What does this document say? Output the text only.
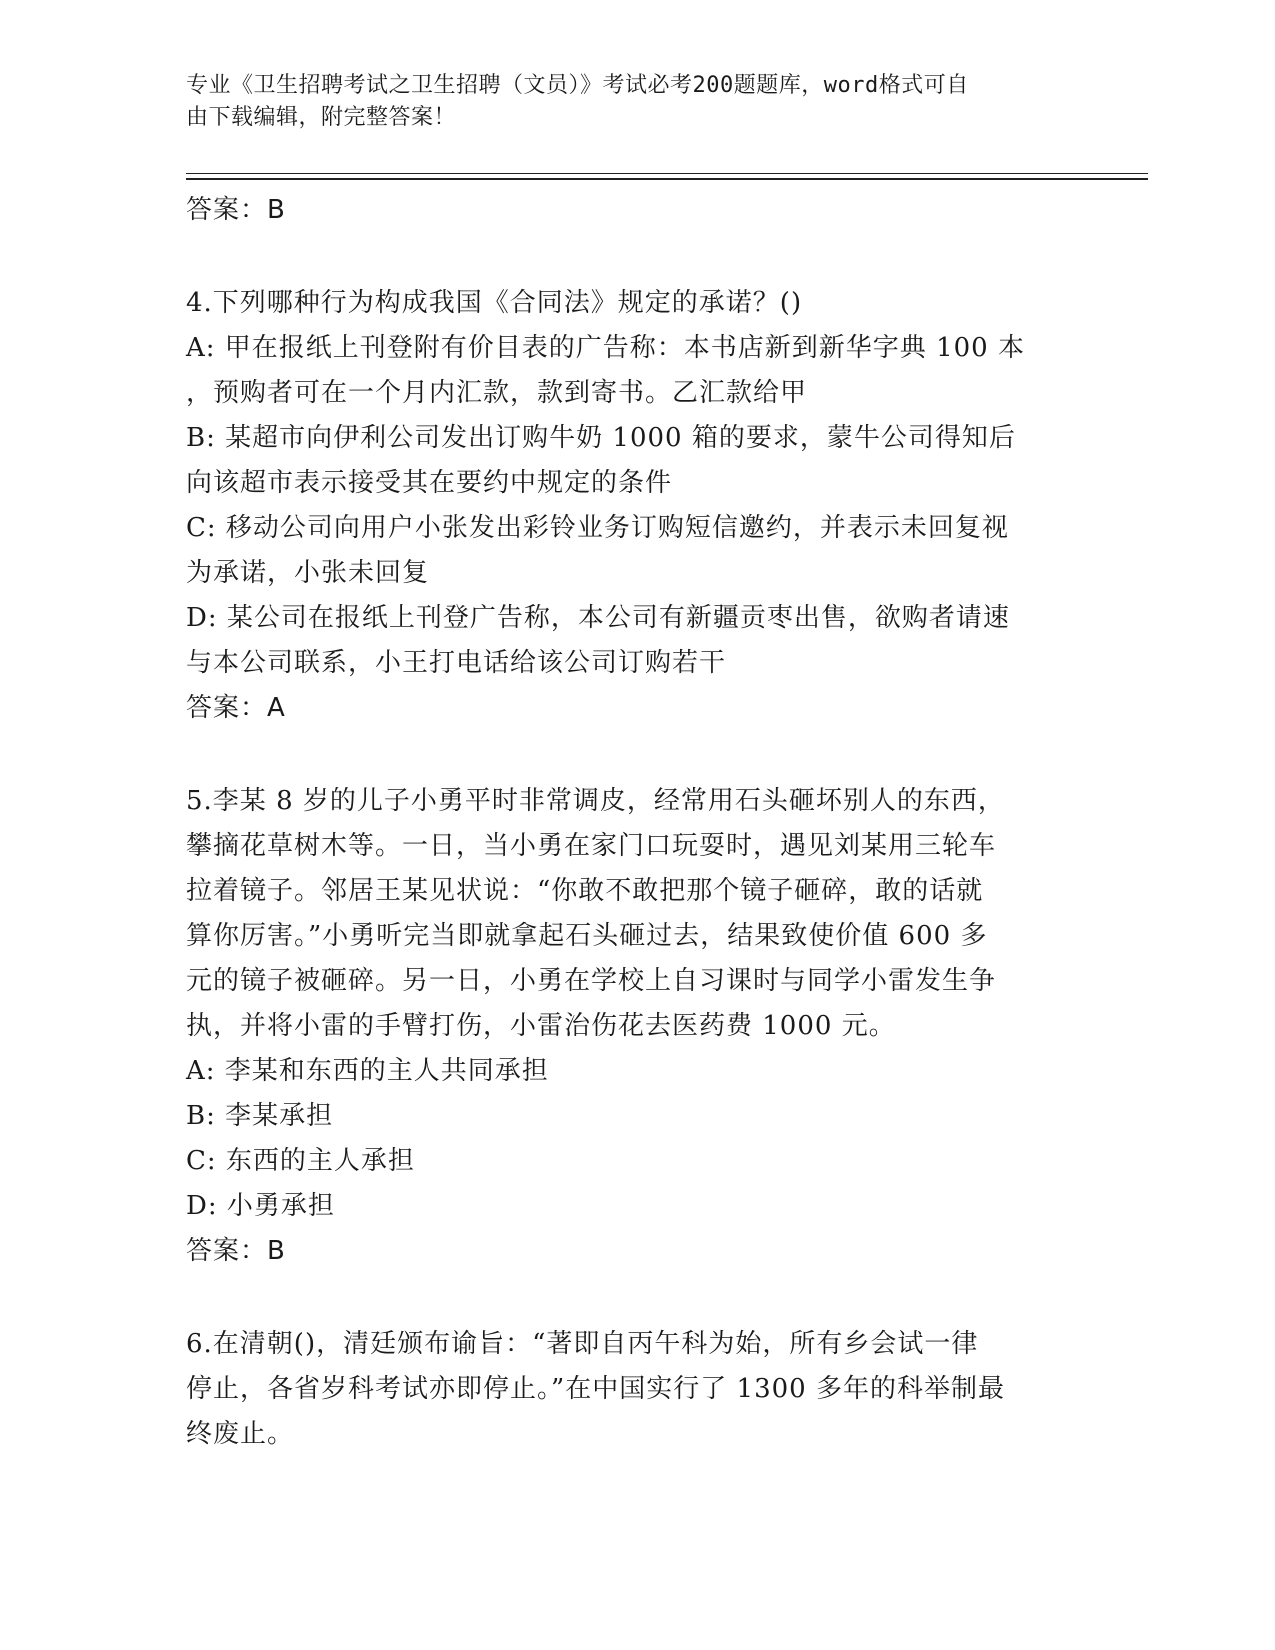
专业《卫生招聘考试之卫生招聘（文员）》考试必考200题题库，word格式可自
由下载编辑，附完整答案！
答案：B
4.下列哪种行为构成我国《合同法》规定的承诺？()
A: 甲在报纸上刊登附有价目表的广告称：本书店新到新华字典 100 本
，预购者可在一个月内汇款，款到寄书。乙汇款给甲
B: 某超市向伊利公司发出订购牛奶 1000 箱的要求，蒙牛公司得知后
向该超市表示接受其在要约中规定的条件
C: 移动公司向用户小张发出彩铃业务订购短信邀约，并表示未回复视
为承诺，小张未回复
D: 某公司在报纸上刊登广告称，本公司有新疆贡枣出售，欲购者请速
与本公司联系，小王打电话给该公司订购若干
答案：A
5.李某 8 岁的儿子小勇平时非常调皮，经常用石头砸坏别人的东西，
攀摘花草树木等。一日，当小勇在家门口玩耍时，遇见刘某用三轮车
拉着镜子。邻居王某见状说：“你敢不敢把那个镜子砸碎，敢的话就
算你厉害。”小勇听完当即就拿起石头砸过去，结果致使价值 600 多
元的镜子被砸碎。另一日，小勇在学校上自习课时与同学小雷发生争
执，并将小雷的手臂打伤，小雷治伤花去医药费 1000 元。
A: 李某和东西的主人共同承担
B: 李某承担
C: 东西的主人承担
D: 小勇承担
答案：B
6.在清朝()，清廷颁布谕旨：“著即自丙午科为始，所有乡会试一律
停止，各省岁科考试亦即停止。”在中国实行了 1300 多年的科举制最
终废止。
